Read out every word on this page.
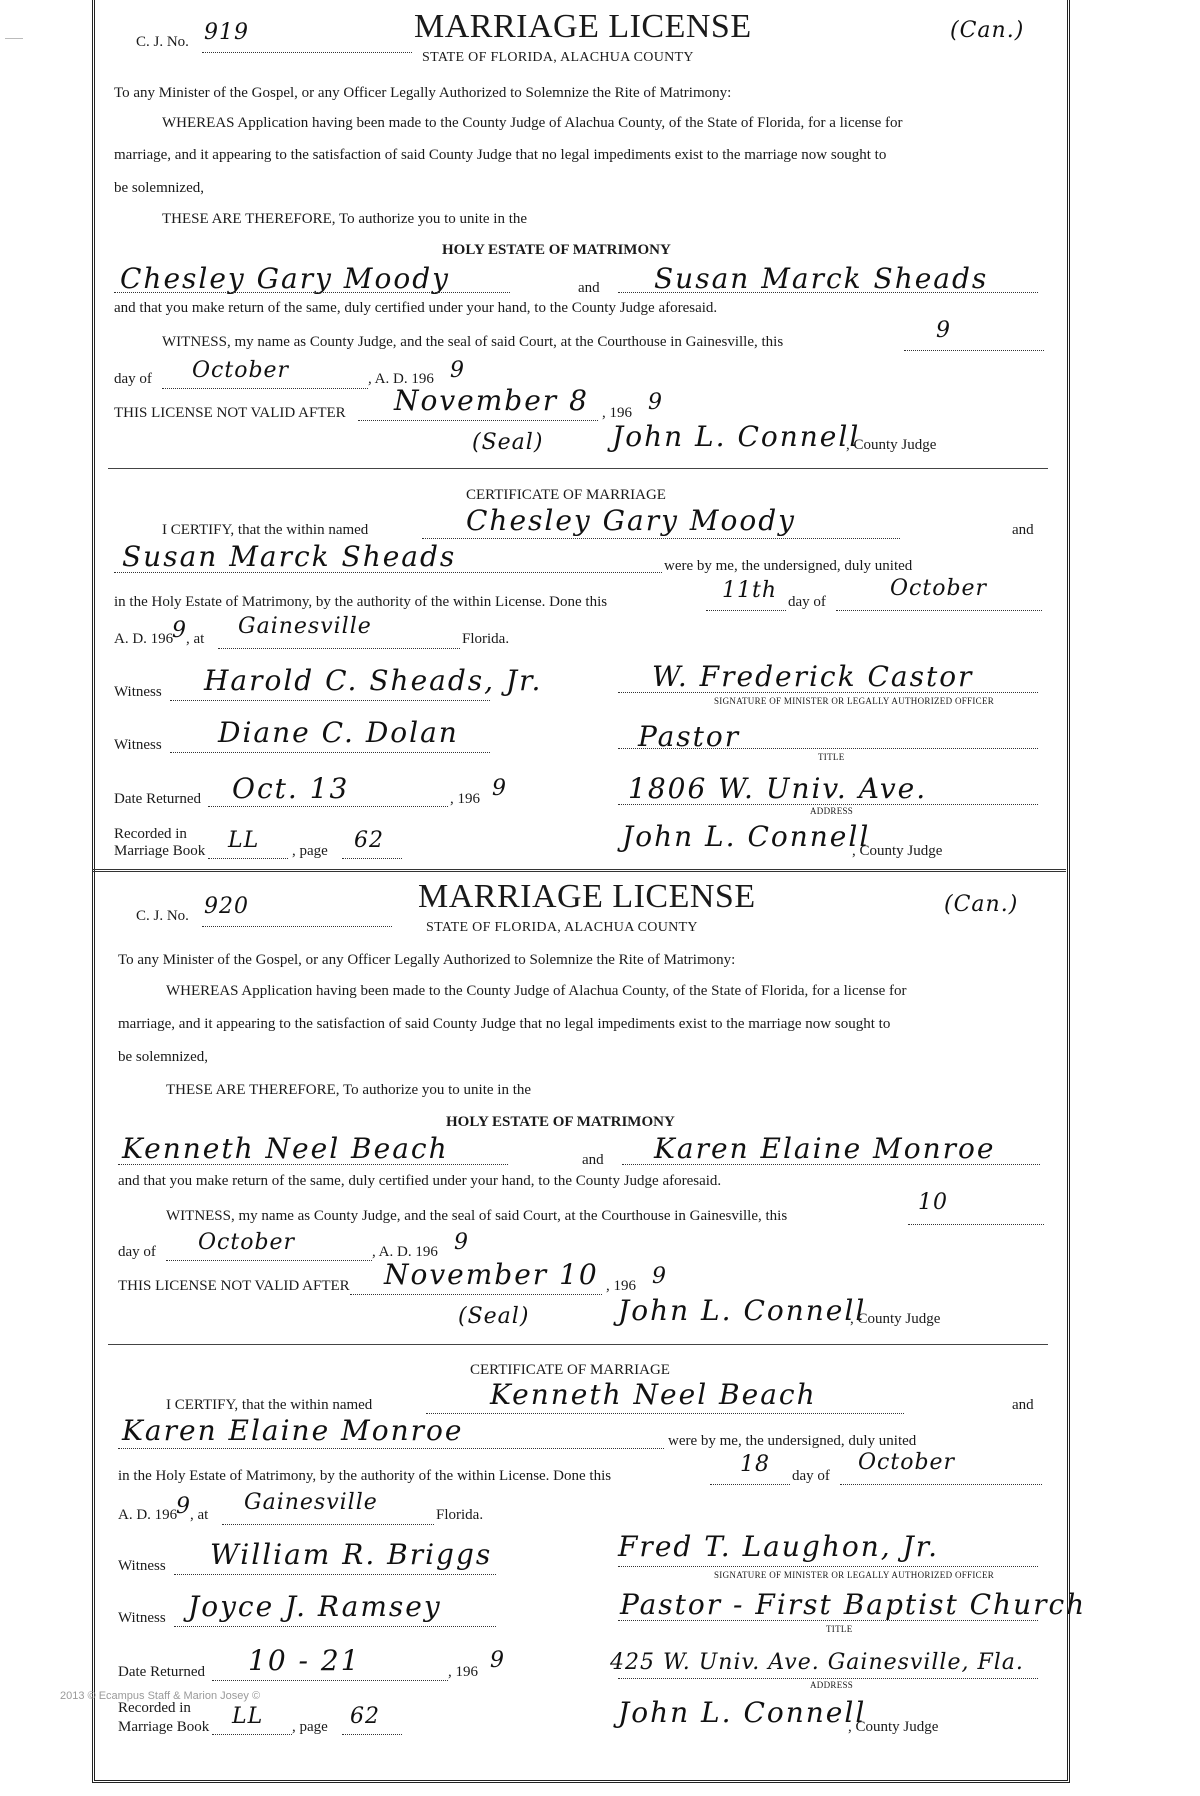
C. J. No. 919	MARRIAGE LICENSE
STATE OF FLORIDA, ALACHUA COUNTY
(Can.)
To any Minister of the Gospel, or any Officer Legally Authorized to Solemnize the Rite of Matrimony:
WHEREAS Application having been made to the County Judge of Alachua County, of the State of Florida, for a license for
marriage, and it appearing to the satisfaction of said County Judge that no legal impediments exist to the marriage now sought to
be solemnized,
THESE ARE THEREFORE, To authorize you to unite in the
HOLY ESTATE OF MATRIMONY
Chesley Gary Moody	and Susan Marck Sheads
and that you make return of the same, duly certified under your hand, to the County Judge aforesaid.
WITNESS, my name as County Judge, and the seal of said Court, at the Courthouse in Gainesville, this	9
day of October	, A. D. 196 9
THIS LICENSE NOT VALID AFTER November 8 , 196 9
(Seal) John L. Connell
, County Judge
CERTIFICATE OF MARRIAGE
I CERTIFY, that the within named	Chesley Gary Moody	and
Susan Marck Sheads	were by me, the undersigned, duly united
in the Holy Estate of Matrimony, by the authority of the within License. Done this	11th day of
October
A. D. 196
9 , at Gainesville	Florida.
Witness Harold C. Sheads, Jr.	W. Frederick Castor
SIGNATURE OF MINISTER OR LEGALLY AUTHORIZED OFFICER
Witness Diane C. Dolan	Pastor
TITLE
Date Returned Oct. 13	, 196 9	1806 W. Univ. Ave.
ADDRESS
Recorded in
Marriage Book LL , page 62	John L. Connell
, County Judge
C. J. No. 920	MARRIAGE LICENSE
STATE OF FLORIDA, ALACHUA COUNTY
(Can.)
To any Minister of the Gospel, or any Officer Legally Authorized to Solemnize the Rite of Matrimony:
WHEREAS Application having been made to the County Judge of Alachua County, of the State of Florida, for a license for
marriage, and it appearing to the satisfaction of said County Judge that no legal impediments exist to the marriage now sought to
be solemnized,
THESE ARE THEREFORE, To authorize you to unite in the
HOLY ESTATE OF MATRIMONY
Kenneth Neel Beach	and Karen Elaine Monroe
and that you make return of the same, duly certified under your hand, to the County Judge aforesaid.
WITNESS, my name as County Judge, and the seal of said Court, at the Courthouse in Gainesville, this
10
day of October	, A. D. 196 9
THIS LICENSE NOT VALID AFTER November 10 , 196 9
(Seal)	John L. Connell
, County Judge
CERTIFICATE OF MARRIAGE
I CERTIFY, that the within named	Kenneth Neel Beach	and
Karen Elaine Monroe	were by me, the undersigned, duly united
in the Holy Estate of Matrimony, by the authority of the within License. Done this	18 day of
October
A. D. 196
9 , at Gainesville	Florida.
Witness William R. Briggs	Fred T. Laughon, Jr.
SIGNATURE OF MINISTER OR LEGALLY AUTHORIZED OFFICER
Witness Joyce J. Ramsey	Pastor - First Baptist Church
TITLE
Date Returned 10 - 21	, 196 9	425 W. Univ. Ave. Gainesville, Fla.
ADDRESS
Recorded in
Marriage Book LL , page 62	John L. Connell
, County Judge
2013 © Ecampus Staff & Marion Josey ©
